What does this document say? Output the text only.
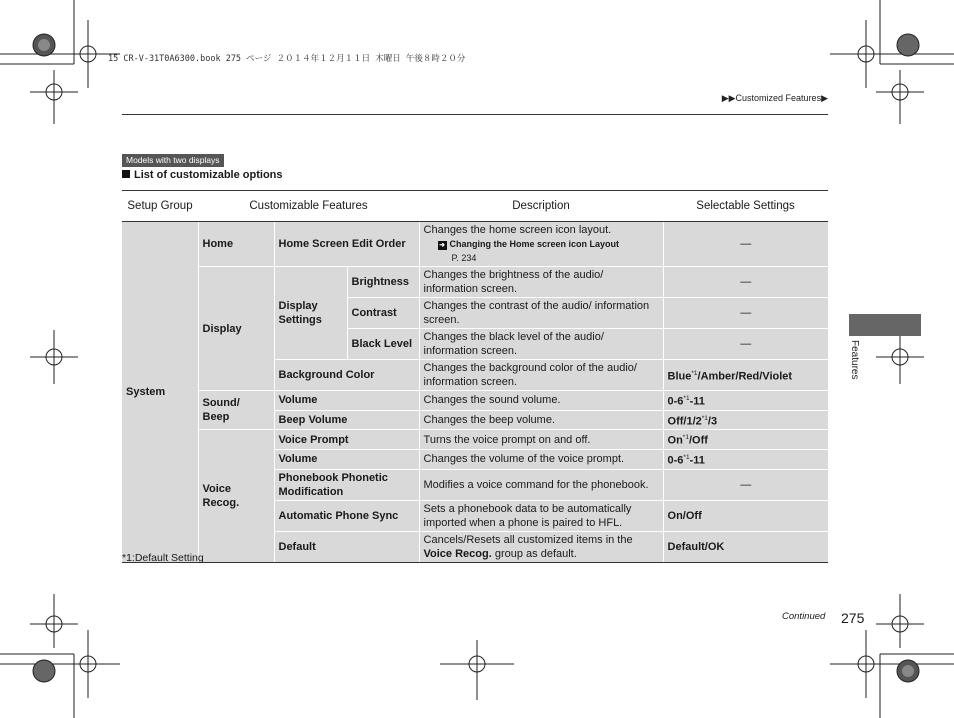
15 CR-V-31T0A6300.book 275 ページ ２０１４年１２月１１日 木曜日 午後８時２０分
▶▶Customized Features▶
Models with two displays
List of customizable options
Setup Group	Customizable Features			Description	Selectable Settings
System	Home	Home Screen Edit Order		Changes the home screen icon layout.
➜ Changing the Home screen icon Layout
P. 234	—
	Display	Display Settings	Brightness	Changes the brightness of the audio/ information screen.	—
			Contrast	Changes the contrast of the audio/ information screen.	—
			Black Level	Changes the black level of the audio/ information screen.	—
		Background Color		Changes the background color of the audio/ information screen.	Blue$^{*1}$/Amber/Red/Violet
	Sound/ Beep	Volume		Changes the sound volume.	0-6$^{*1}$-11
		Beep Volume		Changes the beep volume.	Off/1/2$^{*1}$/3
	Voice Recog.	Voice Prompt		Turns the voice prompt on and off.	On$^{*1}$/Off
		Volume		Changes the volume of the voice prompt.	0-6$^{*1}$-11
		Phonebook Phonetic Modification		Modifies a voice command for the phonebook.	—
		Automatic Phone Sync		Sets a phonebook data to be automatically imported when a phone is paired to HFL.	On/Off
		Default		Cancels/Resets all customized items in the Voice Recog. group as default.	Default/OK
*1:Default Setting
Features
Continued 275
